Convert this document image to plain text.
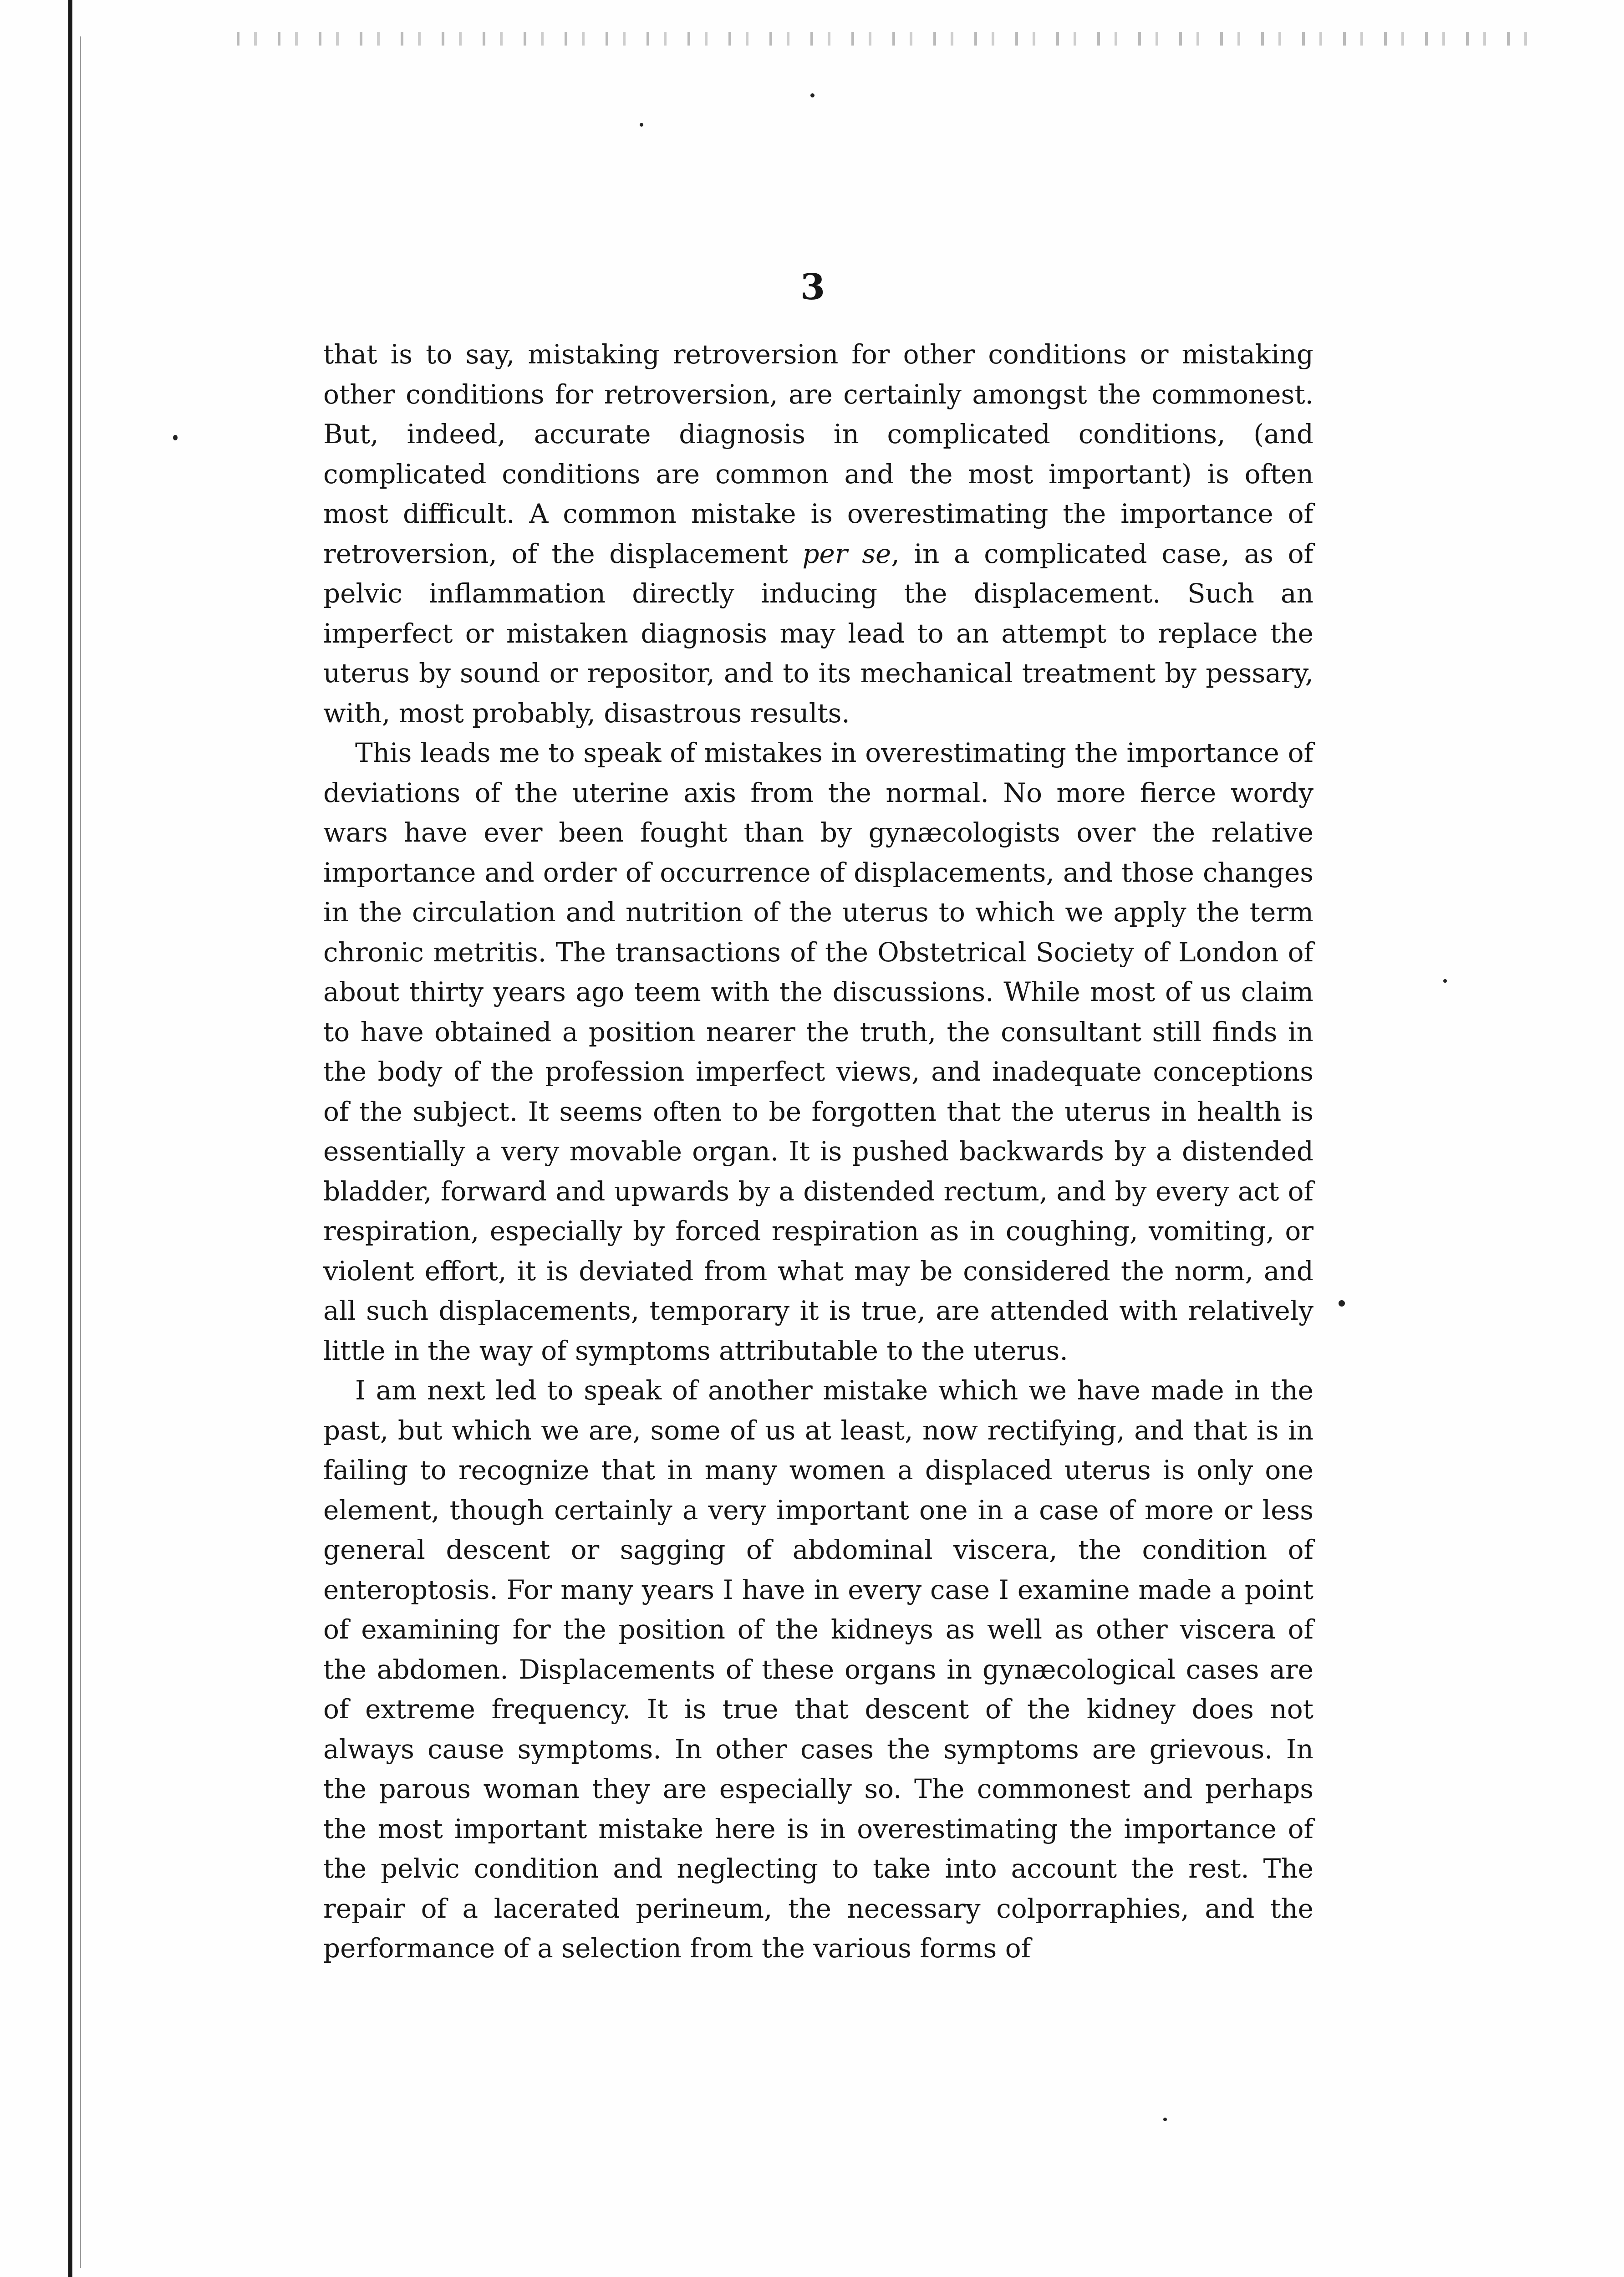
3

that is to say, mistaking retroversion for other conditions or mistaking other conditions for retroversion, are certainly amongst the commonest. But, indeed, accurate diagnosis in complicated conditions, (and complicated conditions are common and the most important) is often most difficult. A common mistake is overestimating the importance of retroversion, of the displacement per se, in a complicated case, as of pelvic inflammation directly inducing the displacement. Such an imperfect or mistaken diagnosis may lead to an attempt to replace the uterus by sound or repositor, and to its mechanical treatment by pessary, with, most probably, disastrous results.

This leads me to speak of mistakes in overestimating the importance of deviations of the uterine axis from the normal. No more fierce wordy wars have ever been fought than by gynæcologists over the relative importance and order of occurrence of displacements, and those changes in the circulation and nutrition of the uterus to which we apply the term chronic metritis. The transactions of the Obstetrical Society of London of about thirty years ago teem with the discussions. While most of us claim to have obtained a position nearer the truth, the consultant still finds in the body of the profession imperfect views, and inadequate conceptions of the subject. It seems often to be forgotten that the uterus in health is essentially a very movable organ. It is pushed backwards by a distended bladder, forward and upwards by a distended rectum, and by every act of respiration, especially by forced respiration as in coughing, vomiting, or violent effort, it is deviated from what may be considered the norm, and all such displacements, temporary it is true, are attended with relatively little in the way of symptoms attributable to the uterus.

I am next led to speak of another mistake which we have made in the past, but which we are, some of us at least, now rectifying, and that is in failing to recognize that in many women a displaced uterus is only one element, though certainly a very important one in a case of more or less general descent or sagging of abdominal viscera, the condition of enteroptosis. For many years I have in every case I examine made a point of examining for the position of the kidneys as well as other viscera of the abdomen. Displacements of these organs in gynæcological cases are of extreme frequency. It is true that descent of the kidney does not always cause symptoms. In other cases the symptoms are grievous. In the parous woman they are especially so. The commonest and perhaps the most important mistake here is in overestimating the importance of the pelvic condition and neglecting to take into account the rest. The repair of a lacerated perineum, the necessary colporraphies, and the performance of a selection from the various forms of
